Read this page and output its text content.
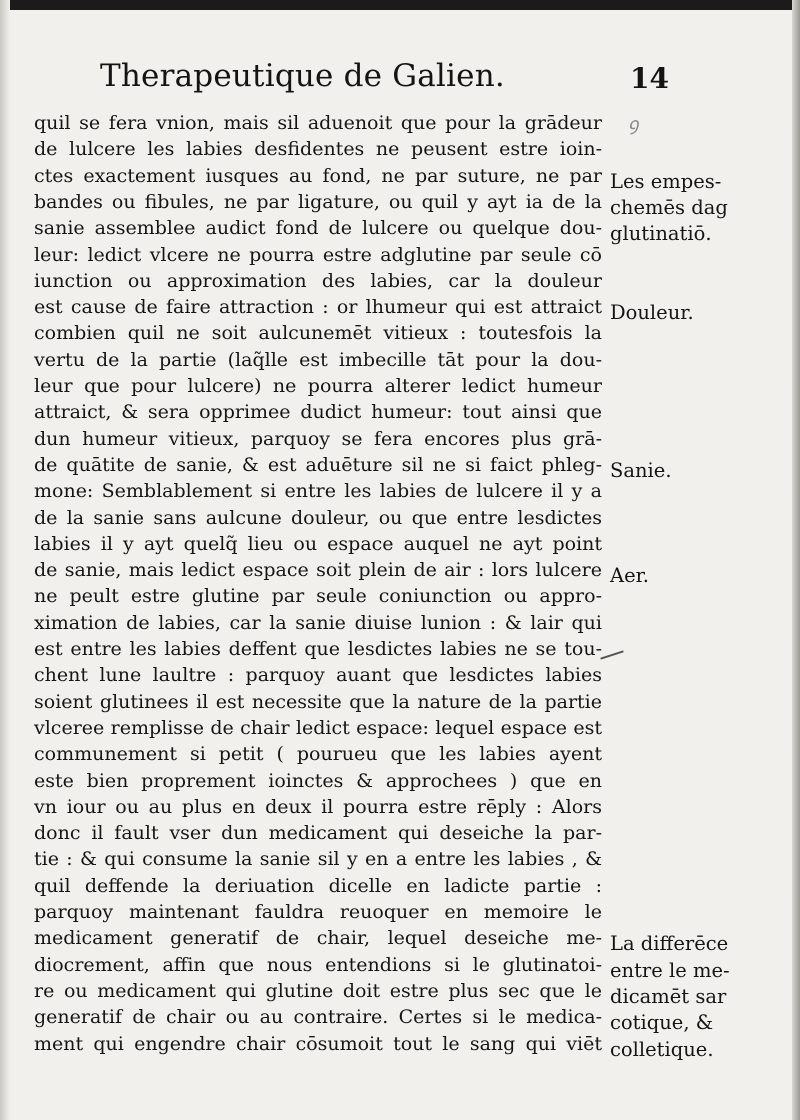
Therapeutique de Galien.	14
ꝯ
quil se fera vnion, mais sil aduenoit que pour la grādeur
de lulcere les labies desfidentes ne peusent estre ioin-
ctes exactement iusques au fond, ne par suture, ne par
bandes ou fibules, ne par ligature, ou quil y ayt ia de la
sanie assemblee audict fond de lulcere ou quelque dou-
leur: ledict vlcere ne pourra estre adglutine par seule cō
iunction ou approximation des labies, car la douleur
est cause de faire attraction : or lhumeur qui est attraict
combien quil ne soit aulcunemēt vitieux : toutesfois la
vertu de la partie (laq̃lle est imbecille tāt pour la dou-
leur que pour lulcere) ne pourra alterer ledict humeur
attraict, & sera opprimee dudict humeur: tout ainsi que
dun humeur vitieux, parquoy se fera encores plus grā-
de quātite de sanie, & est aduēture sil ne si faict phleg-
mone: Semblablement si entre les labies de lulcere il y a
de la sanie sans aulcune douleur, ou que entre lesdictes
labies il y ayt quelq̃ lieu ou espace auquel ne ayt point
de sanie, mais ledict espace soit plein de air : lors lulcere
ne peult estre glutine par seule coniunction ou appro-
ximation de labies, car la sanie diuise lunion : & lair qui
est entre les labies deffent que lesdictes labies ne se tou-
chent lune laultre : parquoy auant que lesdictes labies
soient glutinees il est necessite que la nature de la partie
vlceree remplisse de chair ledict espace: lequel espace est
communement si petit ( pourueu que les labies ayent
este bien proprement ioinctes & approchees ) que en
vn iour ou au plus en deux il pourra estre rēply : Alors
donc il fault vser dun medicament qui deseiche la par-
tie : & qui consume la sanie sil y en a entre les labies , &
quil deffende la deriuation dicelle en ladicte partie :
parquoy maintenant fauldra reuoquer en memoire le
medicament generatif de chair, lequel deseiche me-
diocrement, affin que nous entendions si le glutinatoi-
re ou medicament qui glutine doit estre plus sec que le
generatif de chair ou au contraire. Certes si le medica-
ment qui engendre chair cōsumoit tout le sang qui viēt
Les empes-
chemēs dag
glutinatiō.
Douleur.
Sanie.
Aer.
La differēce
entre le me-
dicamēt sar
cotique, &
colletique.
